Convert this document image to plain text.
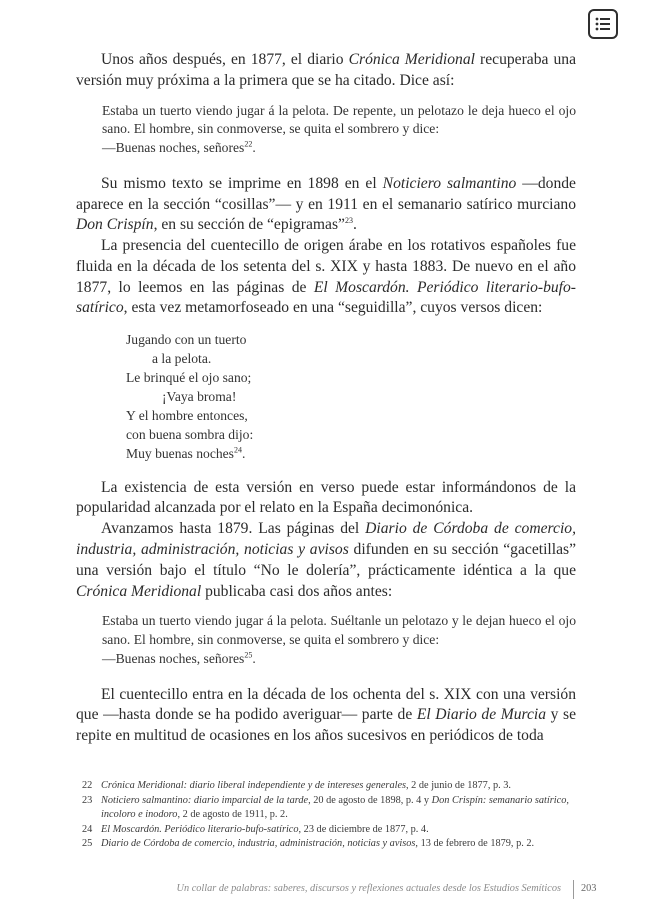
Unos años después, en 1877, el diario Crónica Meridional recuperaba una versión muy próxima a la primera que se ha citado. Dice así:

Estaba un tuerto viendo jugar á la pelota. De repente, un pelotazo le deja hueco el ojo sano. El hombre, sin conmoverse, se quita el sombrero y dice:
—Buenas noches, señores$^{22}$.

Su mismo texto se imprime en 1898 en el Noticiero salmantino —donde aparece en la sección “cosillas”— y en 1911 en el semanario satírico murciano Don Crispín, en su sección de “epigramas”$^{23}$.

La presencia del cuentecillo de origen árabe en los rotativos españoles fue fluida en la década de los setenta del s. XIX y hasta 1883. De nuevo en el año 1877, lo leemos en las páginas de El Moscardón. Periódico literario-bufo-satírico, esta vez metamorfoseado en una “seguidilla”, cuyos versos dicen:

Jugando con un tuerto
a la pelota.
Le brinqué el ojo sano;
¡Vaya broma!
Y el hombre entonces,
con buena sombra dijo:
Muy buenas noches$^{24}$.

La existencia de esta versión en verso puede estar informándonos de la popularidad alcanzada por el relato en la España decimonónica.

Avanzamos hasta 1879. Las páginas del Diario de Córdoba de comercio, industria, administración, noticias y avisos difunden en su sección “gacetillas” una versión bajo el título “No le dolería”, prácticamente idéntica a la que Crónica Meridional publicaba casi dos años antes:

Estaba un tuerto viendo jugar á la pelota. Suéltanle un pelotazo y le dejan hueco el ojo sano. El hombre, sin conmoverse, se quita el sombrero y dice:
—Buenas noches, señores$^{25}$.

El cuentecillo entra en la década de los ochenta del s. XIX con una versión que —hasta donde se ha podido averiguar— parte de El Diario de Murcia y se repite en multitud de ocasiones en los años sucesivos en periódicos de toda

22 Crónica Meridional: diario liberal independiente y de intereses generales, 2 de junio de 1877, p. 3.
23 Noticiero salmantino: diario imparcial de la tarde, 20 de agosto de 1898, p. 4 y Don Crispín: semanario satírico, incoloro e inodoro, 2 de agosto de 1911, p. 2.
24 El Moscardón. Periódico literario-bufo-satírico, 23 de diciembre de 1877, p. 4.
25 Diario de Córdoba de comercio, industria, administración, noticias y avisos, 13 de febrero de 1879, p. 2.
Un collar de palabras: saberes, discursos y reflexiones actuales desde los Estudios Semíticos 203
